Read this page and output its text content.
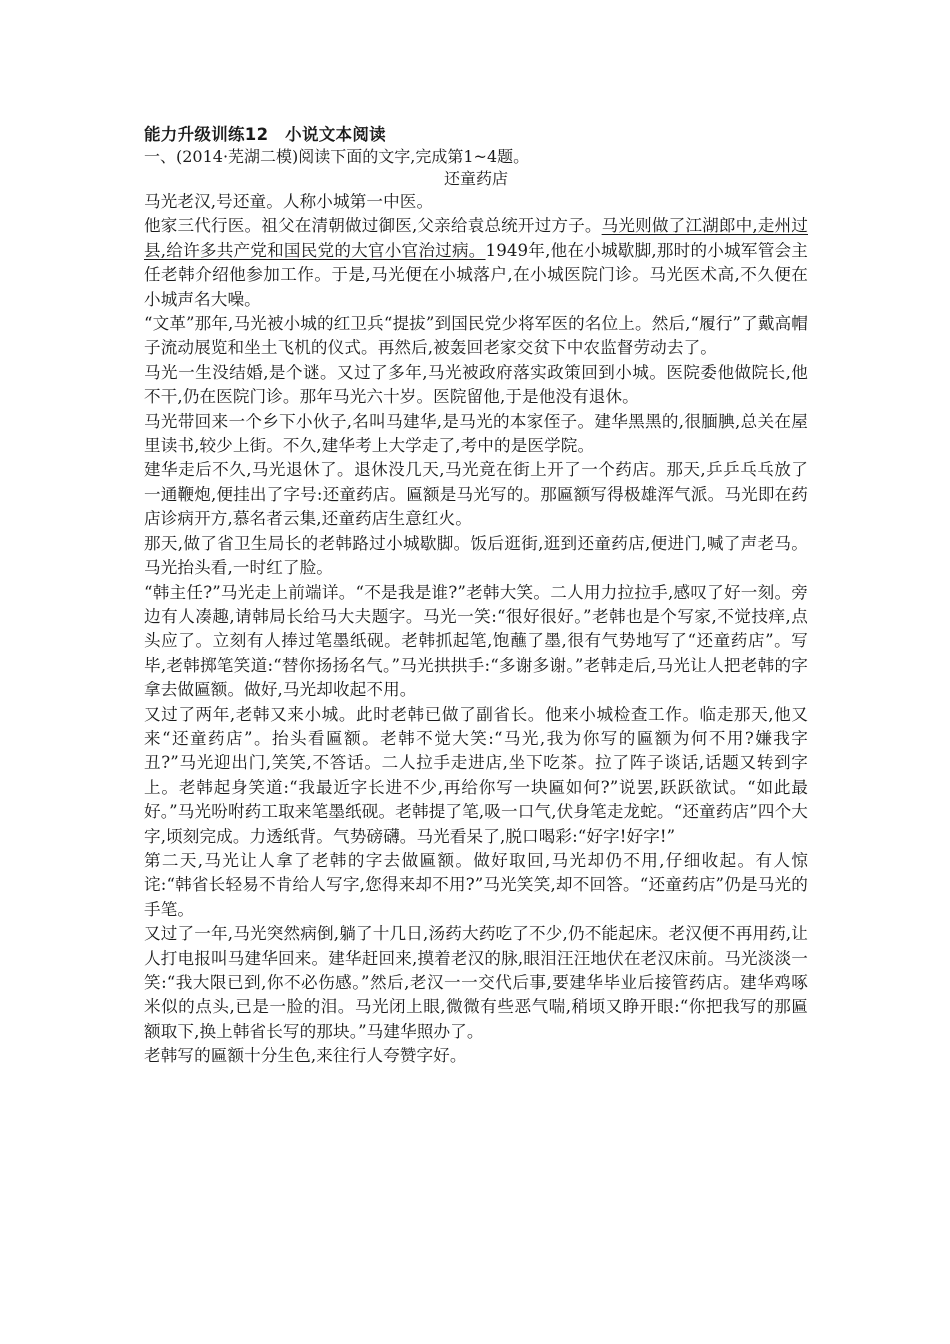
能力升级训练12　小说文本阅读

一、(2014·芜湖二模)阅读下面的文字,完成第1~4题。

还童药店

马光老汉,号还童。人称小城第一中医。

他家三代行医。祖父在清朝做过御医,父亲给袁总统开过方子。马光则做了江湖郎中,走州过县,给许多共产党和国民党的大官小官治过病。1949年,他在小城歇脚,那时的小城军管会主任老韩介绍他参加工作。于是,马光便在小城落户,在小城医院门诊。马光医术高,不久便在小城声名大噪。

“文革”那年,马光被小城的红卫兵“提拔”到国民党少将军医的名位上。然后,“履行”了戴高帽子流动展览和坐土飞机的仪式。再然后,被轰回老家交贫下中农监督劳动去了。

马光一生没结婚,是个谜。又过了多年,马光被政府落实政策回到小城。医院委他做院长,他不干,仍在医院门诊。那年马光六十岁。医院留他,于是他没有退休。

马光带回来一个乡下小伙子,名叫马建华,是马光的本家侄子。建华黑黑的,很腼腆,总关在屋里读书,较少上街。不久,建华考上大学走了,考中的是医学院。

建华走后不久,马光退休了。退休没几天,马光竟在街上开了一个药店。那天,乒乒乓乓放了一通鞭炮,便挂出了字号:还童药店。匾额是马光写的。那匾额写得极雄浑气派。马光即在药店诊病开方,慕名者云集,还童药店生意红火。

那天,做了省卫生局长的老韩路过小城歇脚。饭后逛街,逛到还童药店,便进门,喊了声老马。马光抬头看,一时红了脸。

“韩主任?”马光走上前端详。“不是我是谁?”老韩大笑。二人用力拉拉手,感叹了好一刻。旁边有人凑趣,请韩局长给马大夫题字。马光一笑:“很好很好。”老韩也是个写家,不觉技痒,点头应了。立刻有人捧过笔墨纸砚。老韩抓起笔,饱蘸了墨,很有气势地写了“还童药店”。写毕,老韩掷笔笑道:“替你扬扬名气。”马光拱拱手:“多谢多谢。”老韩走后,马光让人把老韩的字拿去做匾额。做好,马光却收起不用。

又过了两年,老韩又来小城。此时老韩已做了副省长。他来小城检查工作。临走那天,他又来“还童药店”。抬头看匾额。老韩不觉大笑:“马光,我为你写的匾额为何不用?嫌我字丑?”马光迎出门,笑笑,不答话。二人拉手走进店,坐下吃茶。拉了阵子谈话,话题又转到字上。老韩起身笑道:“我最近字长进不少,再给你写一块匾如何?”说罢,跃跃欲试。“如此最好。”马光吩咐药工取来笔墨纸砚。老韩提了笔,吸一口气,伏身笔走龙蛇。“还童药店”四个大字,顷刻完成。力透纸背。气势磅礴。马光看呆了,脱口喝彩:“好字!好字!”

第二天,马光让人拿了老韩的字去做匾额。做好取回,马光却仍不用,仔细收起。有人惊诧:“韩省长轻易不肯给人写字,您得来却不用?”马光笑笑,却不回答。“还童药店”仍是马光的手笔。

又过了一年,马光突然病倒,躺了十几日,汤药大药吃了不少,仍不能起床。老汉便不再用药,让人打电报叫马建华回来。建华赶回来,摸着老汉的脉,眼泪汪汪地伏在老汉床前。马光淡淡一笑:“我大限已到,你不必伤感。”然后,老汉一一交代后事,要建华毕业后接管药店。建华鸡啄米似的点头,已是一脸的泪。马光闭上眼,微微有些恶气喘,稍顷又睁开眼:“你把我写的那匾额取下,换上韩省长写的那块。”马建华照办了。

老韩写的匾额十分生色,来往行人夸赞字好。
